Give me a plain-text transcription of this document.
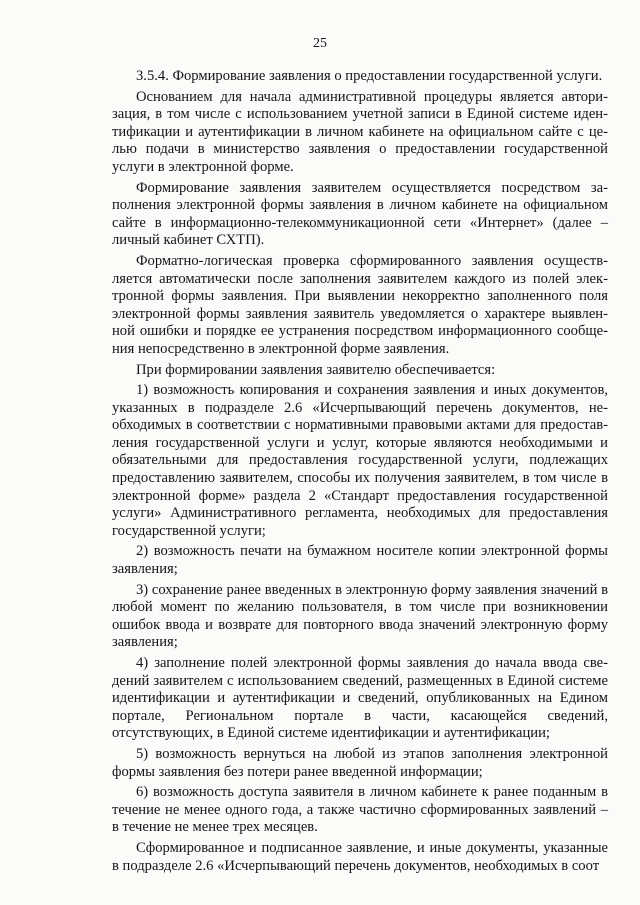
25

3.5.4. Формирование заявления о предоставлении государственной услуги.

Основанием для начала административной процедуры является авторизация, в том числе с использованием учетной записи в Единой системе идентификации и аутентификации в личном кабинете на официальном сайте с целью подачи в министерство заявления о предоставлении государственной услуги в электронной форме.

Формирование заявления заявителем осуществляется посредством заполнения электронной формы заявления в личном кабинете на официальном сайте в информационно-телекоммуникационной сети «Интернет» (далее – личный кабинет СХТП).

Форматно-логическая проверка сформированного заявления осуществляется автоматически после заполнения заявителем каждого из полей электронной формы заявления. При выявлении некорректно заполненного поля электронной формы заявления заявитель уведомляется о характере выявленной ошибки и порядке ее устранения посредством информационного сообщения непосредственно в электронной форме заявления.

При формировании заявления заявителю обеспечивается:

1) возможность копирования и сохранения заявления и иных документов, указанных в подразделе 2.6 «Исчерпывающий перечень документов, необходимых в соответствии с нормативными правовыми актами для предоставления государственной услуги и услуг, которые являются необходимыми и обязательными для предоставления государственной услуги, подлежащих предоставлению заявителем, способы их получения заявителем, в том числе в электронной форме» раздела 2 «Стандарт предоставления государственной услуги» Административного регламента, необходимых для предоставления государственной услуги;

2) возможность печати на бумажном носителе копии электронной формы заявления;

3) сохранение ранее введенных в электронную форму заявления значений в любой момент по желанию пользователя, в том числе при возникновении ошибок ввода и возврате для повторного ввода значений электронную форму заявления;

4) заполнение полей электронной формы заявления до начала ввода сведений заявителем с использованием сведений, размещенных в Единой системе идентификации и аутентификации и сведений, опубликованных на Едином портале, Региональном портале в части, касающейся сведений, отсутствующих, в Единой системе идентификации и аутентификации;

5) возможность вернуться на любой из этапов заполнения электронной формы заявления без потери ранее введенной информации;

6) возможность доступа заявителя в личном кабинете к ранее поданным в течение не менее одного года, а также частично сформированных заявлений – в течение не менее трех месяцев.

Сформированное и подписанное заявление, и иные документы, указанные в подразделе 2.6 «Исчерпывающий перечень документов, необходимых в соот
